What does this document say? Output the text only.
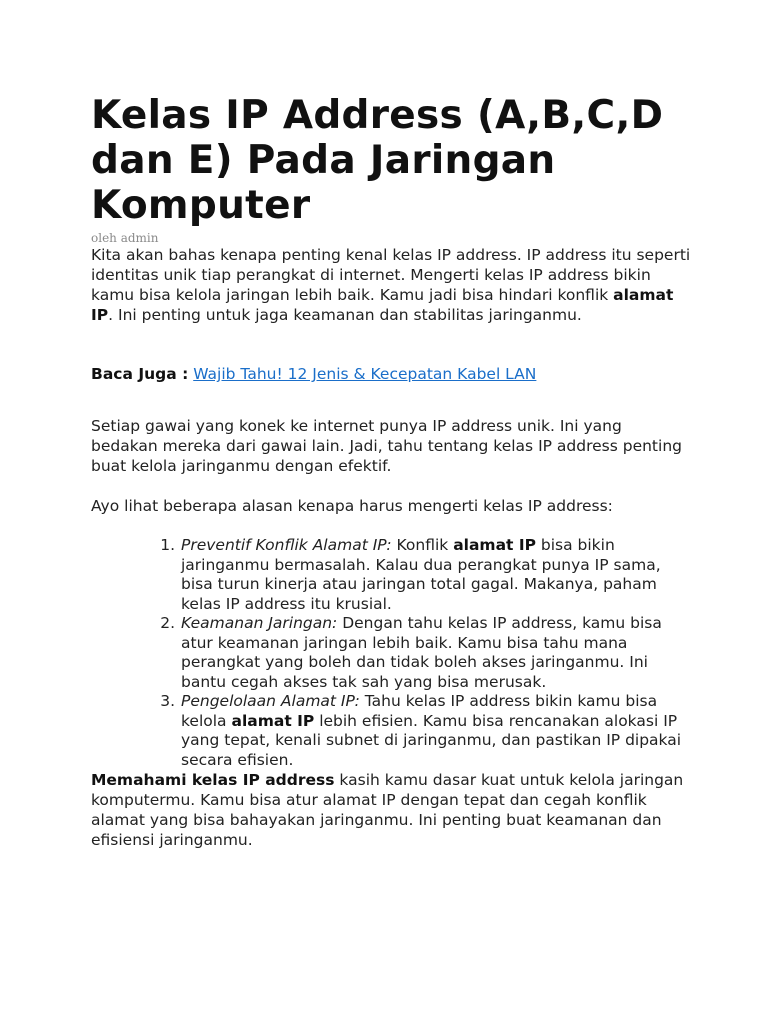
Kelas IP Address (A,B,C,D dan E) Pada Jaringan Komputer
oleh admin

Kita akan bahas kenapa penting kenal kelas IP address. IP address itu seperti identitas unik tiap perangkat di internet. Mengerti kelas IP address bikin kamu bisa kelola jaringan lebih baik. Kamu jadi bisa hindari konflik alamat IP. Ini penting untuk jaga keamanan dan stabilitas jaringanmu.

Baca Juga : Wajib Tahu! 12 Jenis & Kecepatan Kabel LAN

Setiap gawai yang konek ke internet punya IP address unik. Ini yang bedakan mereka dari gawai lain. Jadi, tahu tentang kelas IP address penting buat kelola jaringanmu dengan efektif.

Ayo lihat beberapa alasan kenapa harus mengerti kelas IP address:

1. Preventif Konflik Alamat IP: Konflik alamat IP bisa bikin jaringanmu bermasalah. Kalau dua perangkat punya IP sama, bisa turun kinerja atau jaringan total gagal. Makanya, paham kelas IP address itu krusial.
2. Keamanan Jaringan: Dengan tahu kelas IP address, kamu bisa atur keamanan jaringan lebih baik. Kamu bisa tahu mana perangkat yang boleh dan tidak boleh akses jaringanmu. Ini bantu cegah akses tak sah yang bisa merusak.
3. Pengelolaan Alamat IP: Tahu kelas IP address bikin kamu bisa kelola alamat IP lebih efisien. Kamu bisa rencanakan alokasi IP yang tepat, kenali subnet di jaringanmu, dan pastikan IP dipakai secara efisien.

Memahami kelas IP address kasih kamu dasar kuat untuk kelola jaringan komputermu. Kamu bisa atur alamat IP dengan tepat dan cegah konflik alamat yang bisa bahayakan jaringanmu. Ini penting buat keamanan dan efisiensi jaringanmu.
